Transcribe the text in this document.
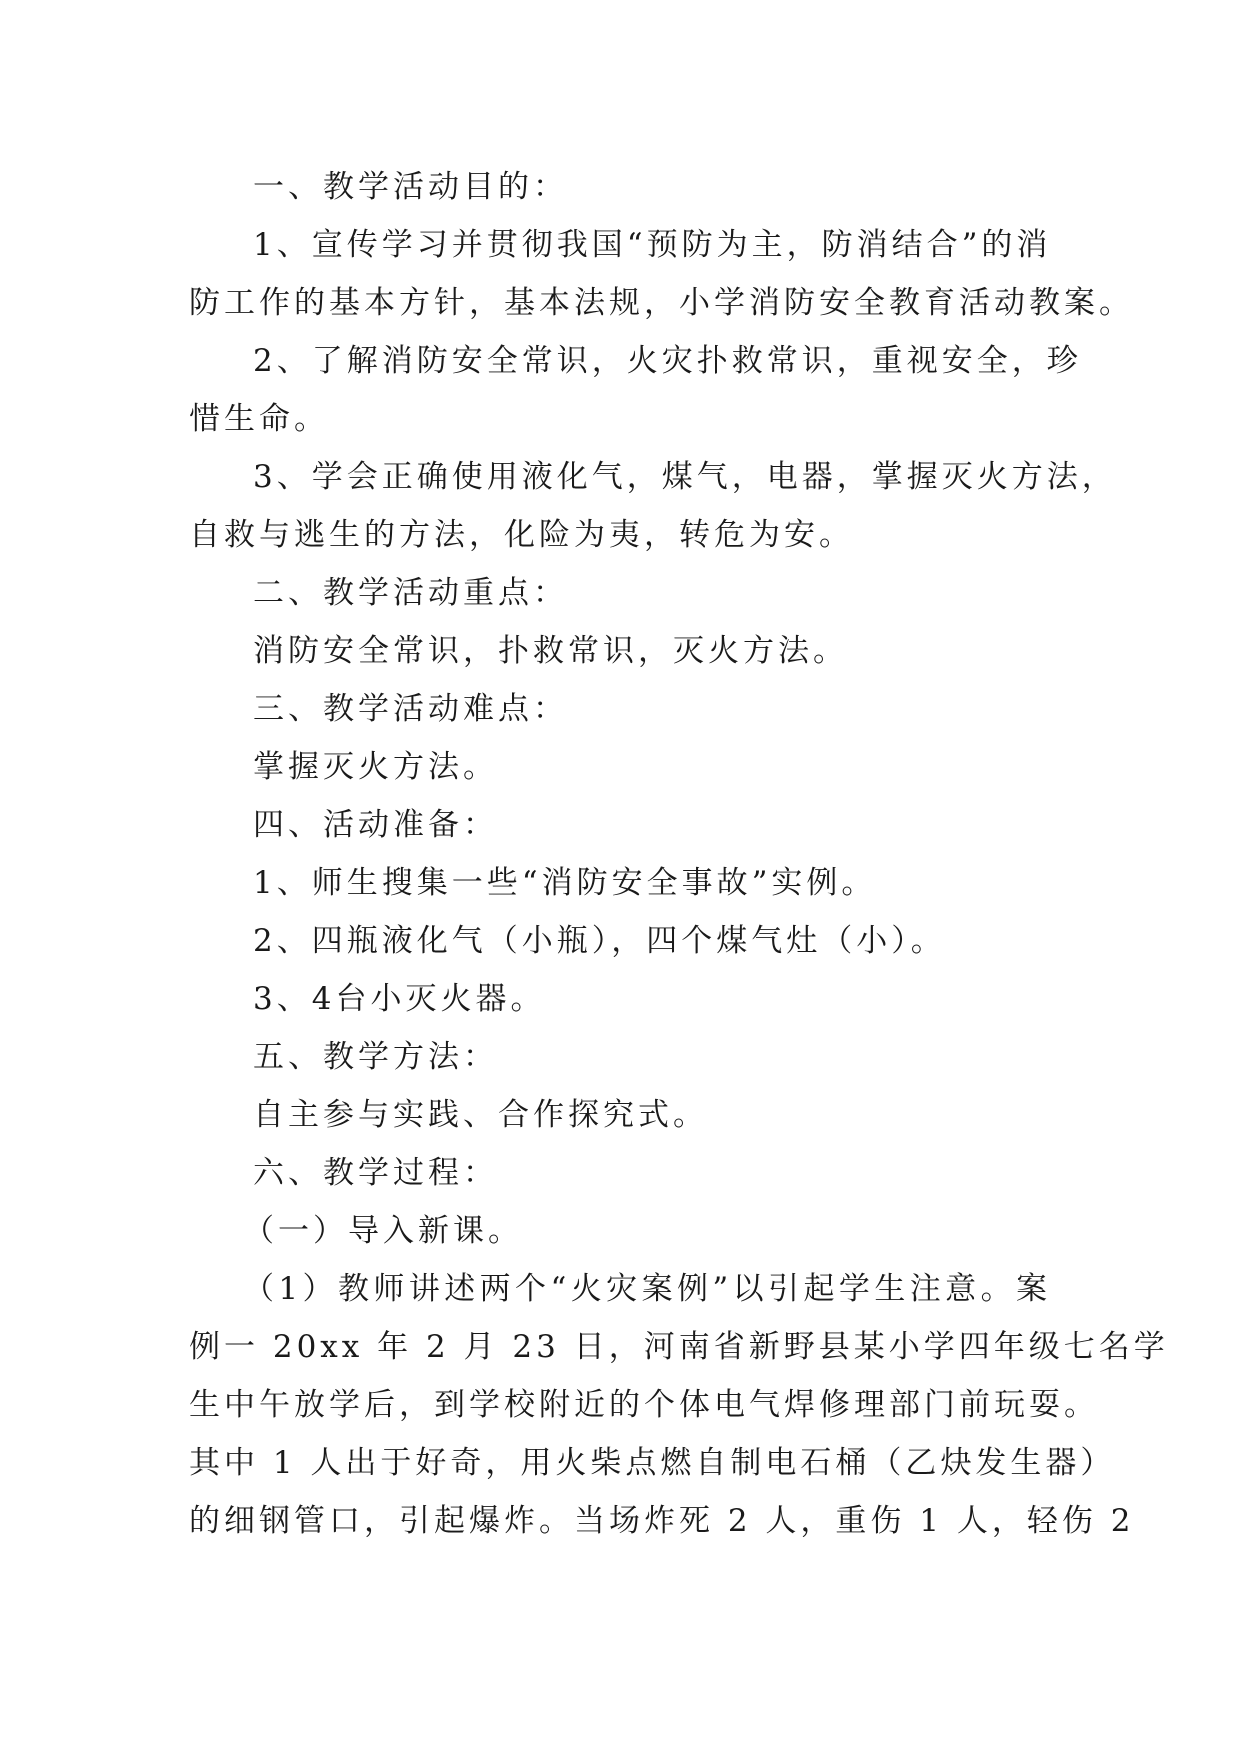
一、教学活动目的：

1、宣传学习并贯彻我国“预防为主，防消结合”的消

防工作的基本方针，基本法规，小学消防安全教育活动教案。

2、了解消防安全常识，火灾扑救常识，重视安全，珍

惜生命。

3、学会正确使用液化气，煤气，电器，掌握灭火方法，

自救与逃生的方法，化险为夷，转危为安。

二、教学活动重点：

消防安全常识，扑救常识，灭火方法。

三、教学活动难点：

掌握灭火方法。

四、活动准备：

1、师生搜集一些“消防安全事故”实例。

2、四瓶液化气（小瓶），四个煤气灶（小）。

3、4台小灭火器。

五、教学方法：

自主参与实践、合作探究式。

六、教学过程：

（一）导入新课。

（1）教师讲述两个“火灾案例”以引起学生注意。案

例一 20xx 年 2 月 23 日，河南省新野县某小学四年级七名学

生中午放学后，到学校附近的个体电气焊修理部门前玩耍。

其中 1 人出于好奇，用火柴点燃自制电石桶（乙炔发生器）

的细钢管口，引起爆炸。当场炸死 2 人，重伤 1 人，轻伤 2
